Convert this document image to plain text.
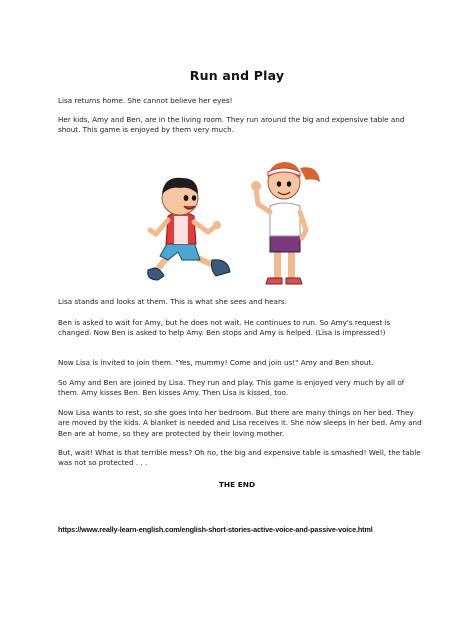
Run and Play

Lisa returns home. She cannot believe her eyes!

Her kids, Amy and Ben, are in the living room. They run around the big and expensive table and shout. This game is enjoyed by them very much.

Lisa stands and looks at them. This is what she sees and hears:

Ben is asked to wait for Amy, but he does not wait. He continues to run. So Amy's request is changed. Now Ben is asked to help Amy. Ben stops and Amy is helped. (Lisa is impressed!)

Now Lisa is invited to join them. "Yes, mummy! Come and join us!" Amy and Ben shout.

So Amy and Ben are joined by Lisa. They run and play. This game is enjoyed very much by all of them. Amy kisses Ben. Ben kisses Amy. Then Lisa is kissed, too.

Now Lisa wants to rest, so she goes into her bedroom. But there are many things on her bed. They are moved by the kids. A blanket is needed and Lisa receives it. She now sleeps in her bed. Amy and Ben are at home, so they are protected by their loving mother.

But, wait! What is that terrible mess? Oh no, the big and expensive table is smashed! Well, the table was not so protected . . .

THE END
https://www.really-learn-english.com/english-short-stories-active-voice-and-passive-voice.html
